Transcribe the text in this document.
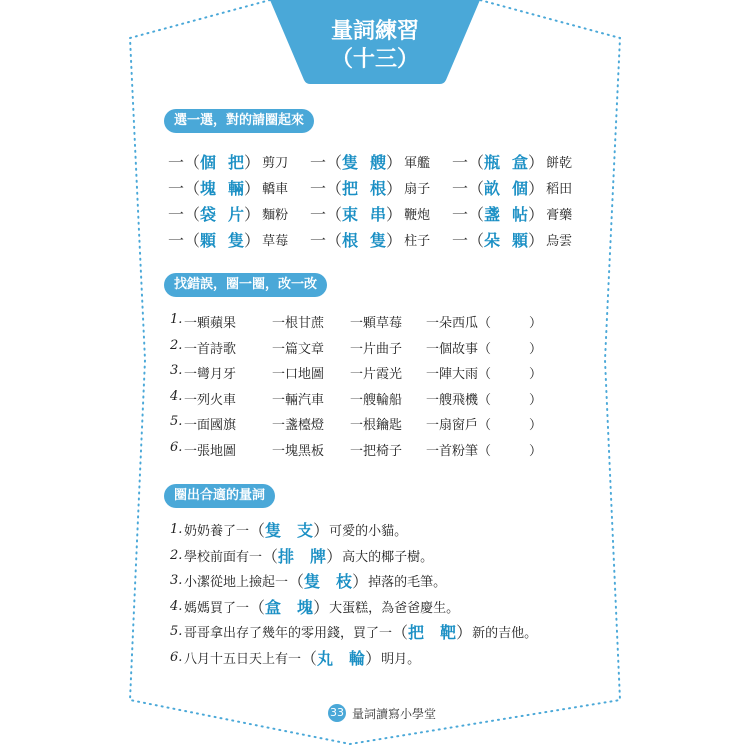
量詞練習
（十三）
選一選，對的請圈起來
一（ 個 把 ） 剪刀 一（ 隻 艘 ） 軍艦 一（ 瓶 盒 ） 餅乾
一（ 塊 輛 ） 轎車 一（ 把 根 ） 扇子 一（ 畝 個 ） 稻田
一（ 袋 片 ） 麵粉 一（ 束 串 ） 鞭炮 一（ 盞 帖 ） 膏藥
一（ 顆 隻 ） 草莓 一（ 根 隻 ） 柱子 一（ 朵 顆 ） 烏雲
找錯誤，圈一圈，改一改
1. 一顆蘋果	一根甘蔗	一顆草莓	一朵西瓜 （	）
2. 一首詩歌	一篇文章	一片曲子	一個故事 （	）
3. 一彎月牙	一口地圖	一片霞光	一陣大雨 （	）
4. 一列火車	一輛汽車	一艘輪船	一艘飛機 （	）
5. 一面國旗	一盞檯燈	一根鑰匙	一扇窗戶 （	）
6. 一張地圖	一塊黑板	一把椅子	一首粉筆 （	）
圈出合適的量詞
1. 奶奶養了一 （ 隻 支 ） 可愛的小貓。
2. 學校前面有一 （ 排 牌 ） 高大的椰子樹。
3. 小潔從地上撿起一 （ 隻 枝 ） 掉落的毛筆。
4. 媽媽買了一 （ 盒 塊 ） 大蛋糕，為爸爸慶生。
5. 哥哥拿出存了幾年的零用錢，買了一 （ 把 靶 ） 新的吉他。
6. 八月十五日天上有一 （ 丸 輪 ） 明月。
33 量詞讀寫小學堂
